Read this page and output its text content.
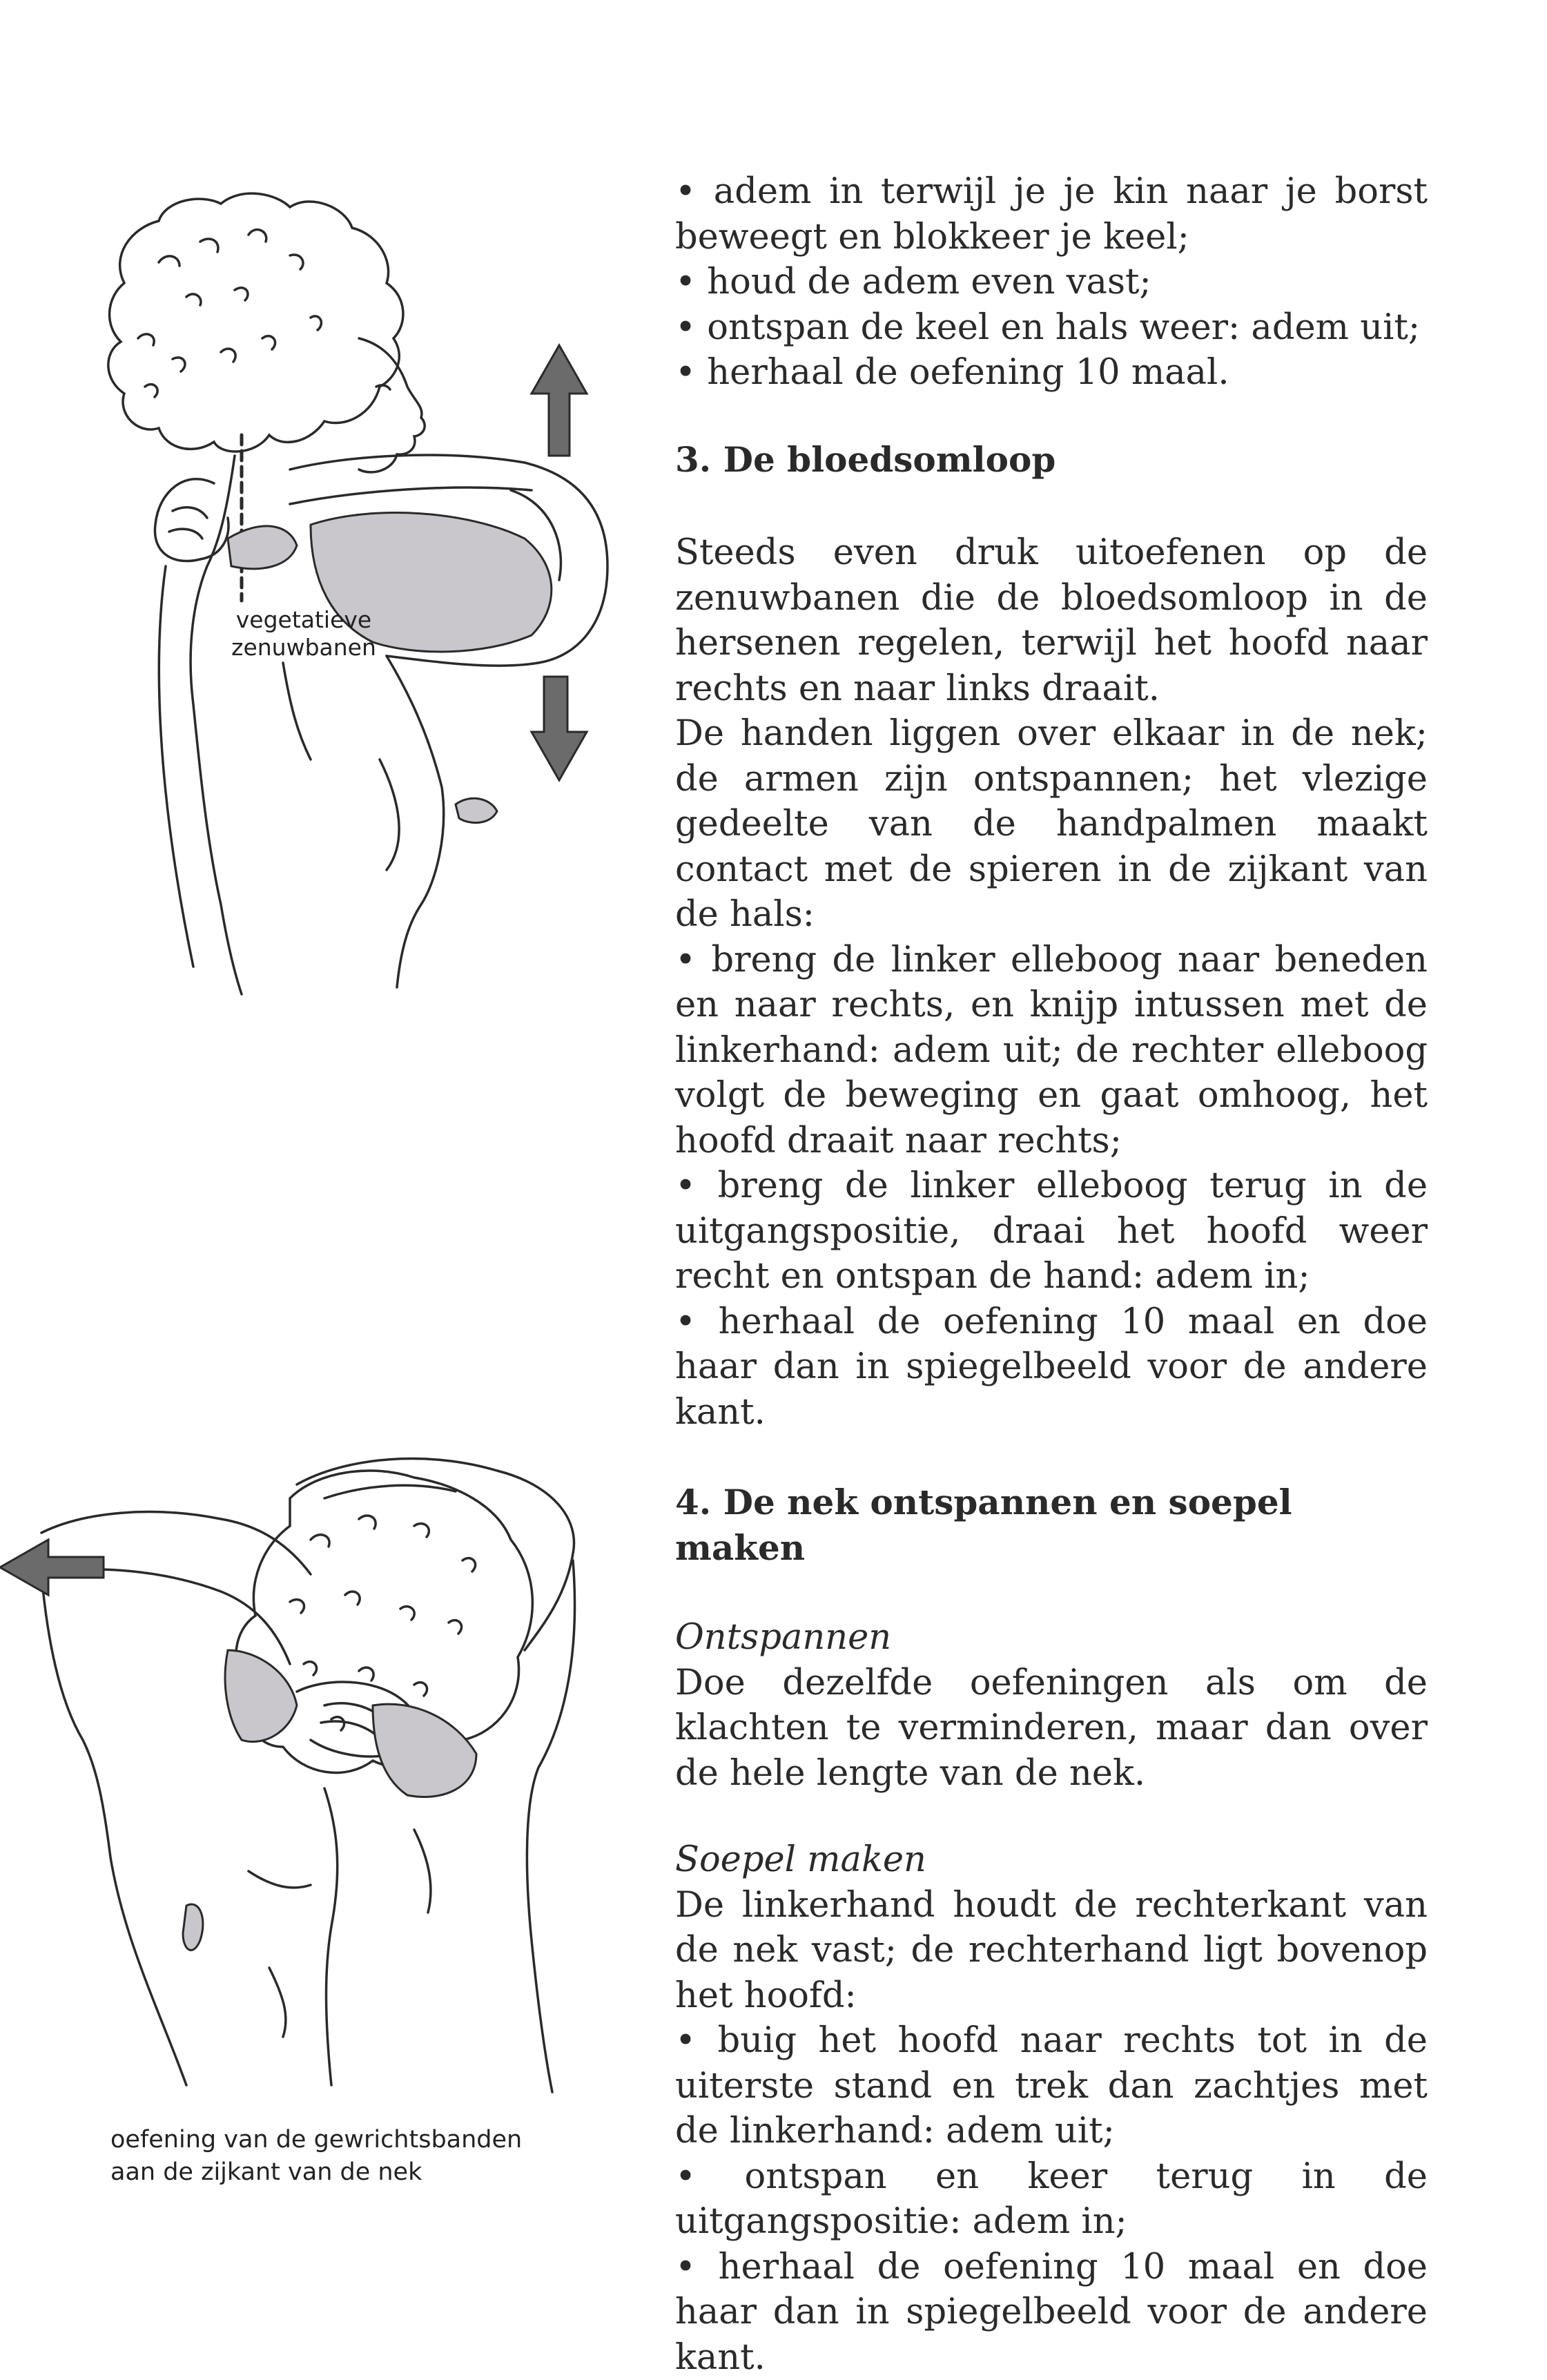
vegetatieve
zenuwbanen
oefening van de gewrichtsbanden
aan de zijkant van de nek

• adem in terwijl je je kin naar je borst beweegt en blokkeer je keel;

• houd de adem even vast;

• ontspan de keel en hals weer: adem uit;

• herhaal de oefening 10 maal.

3. De bloedsomloop

Steeds even druk uitoefenen op de zenuwbanen die de bloedsomloop in de hersenen regelen, terwijl het hoofd naar rechts en naar links draait.

De handen liggen over elkaar in de nek; de armen zijn ontspannen; het vlezige gedeelte van de handpalmen maakt contact met de spieren in de zijkant van de hals:

• breng de linker elleboog naar beneden en naar rechts, en knijp intussen met de linkerhand: adem uit; de rechter elleboog volgt de beweging en gaat omhoog, het hoofd draait naar rechts;

• breng de linker elleboog terug in de uitgangspositie, draai het hoofd weer recht en ontspan de hand: adem in;

• herhaal de oefening 10 maal en doe haar dan in spiegelbeeld voor de andere kant.

4. De nek ontspannen en soepel maken

Ontspannen

Doe dezelfde oefeningen als om de klachten te verminderen, maar dan over de hele lengte van de nek.

Soepel maken

De linkerhand houdt de rechterkant van de nek vast; de rechterhand ligt bovenop het hoofd:

• buig het hoofd naar rechts tot in de uiterste stand en trek dan zachtjes met de linkerhand: adem uit;

• ontspan en keer terug in de uitgangspositie: adem in;

• herhaal de oefening 10 maal en doe haar dan in spiegelbeeld voor de andere kant.
